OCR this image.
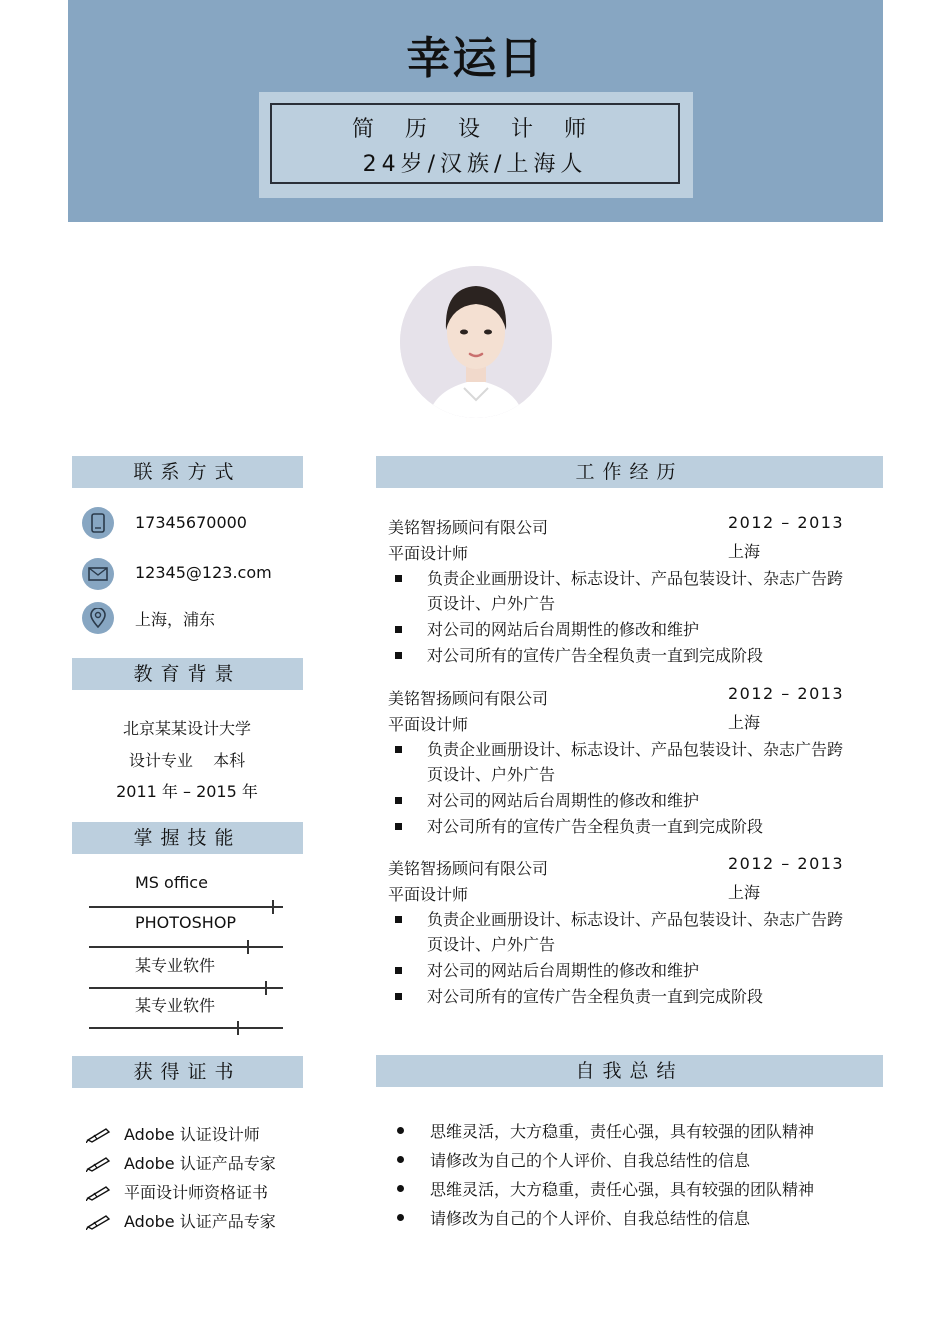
幸运日
简 历 设 计 师
24岁/汉族/上海人
联系方式
17345670000
12345@123.com
上海，浦东
教育背景
北京某某设计大学
设计专业    本科
2011 年 – 2015 年
掌握技能
MS office
PHOTOSHOP
某专业软件
某专业软件
获得证书
Adobe 认证设计师
Adobe 认证产品专家
平面设计师资格证书
Adobe 认证产品专家
工作经历
美铭智扬顾问有限公司	2012 – 2013
平面设计师	上海
负责企业画册设计、标志设计、产品包装设计、杂志广告跨页设计、户外广告
对公司的网站后台周期性的修改和维护
对公司所有的宣传广告全程负责一直到完成阶段
美铭智扬顾问有限公司	2012 – 2013
平面设计师	上海
负责企业画册设计、标志设计、产品包装设计、杂志广告跨页设计、户外广告
对公司的网站后台周期性的修改和维护
对公司所有的宣传广告全程负责一直到完成阶段
美铭智扬顾问有限公司	2012 – 2013
平面设计师	上海
负责企业画册设计、标志设计、产品包装设计、杂志广告跨页设计、户外广告
对公司的网站后台周期性的修改和维护
对公司所有的宣传广告全程负责一直到完成阶段
自我总结
思维灵活，大方稳重，责任心强，具有较强的团队精神
请修改为自己的个人评价、自我总结性的信息
思维灵活，大方稳重，责任心强，具有较强的团队精神
请修改为自己的个人评价、自我总结性的信息
